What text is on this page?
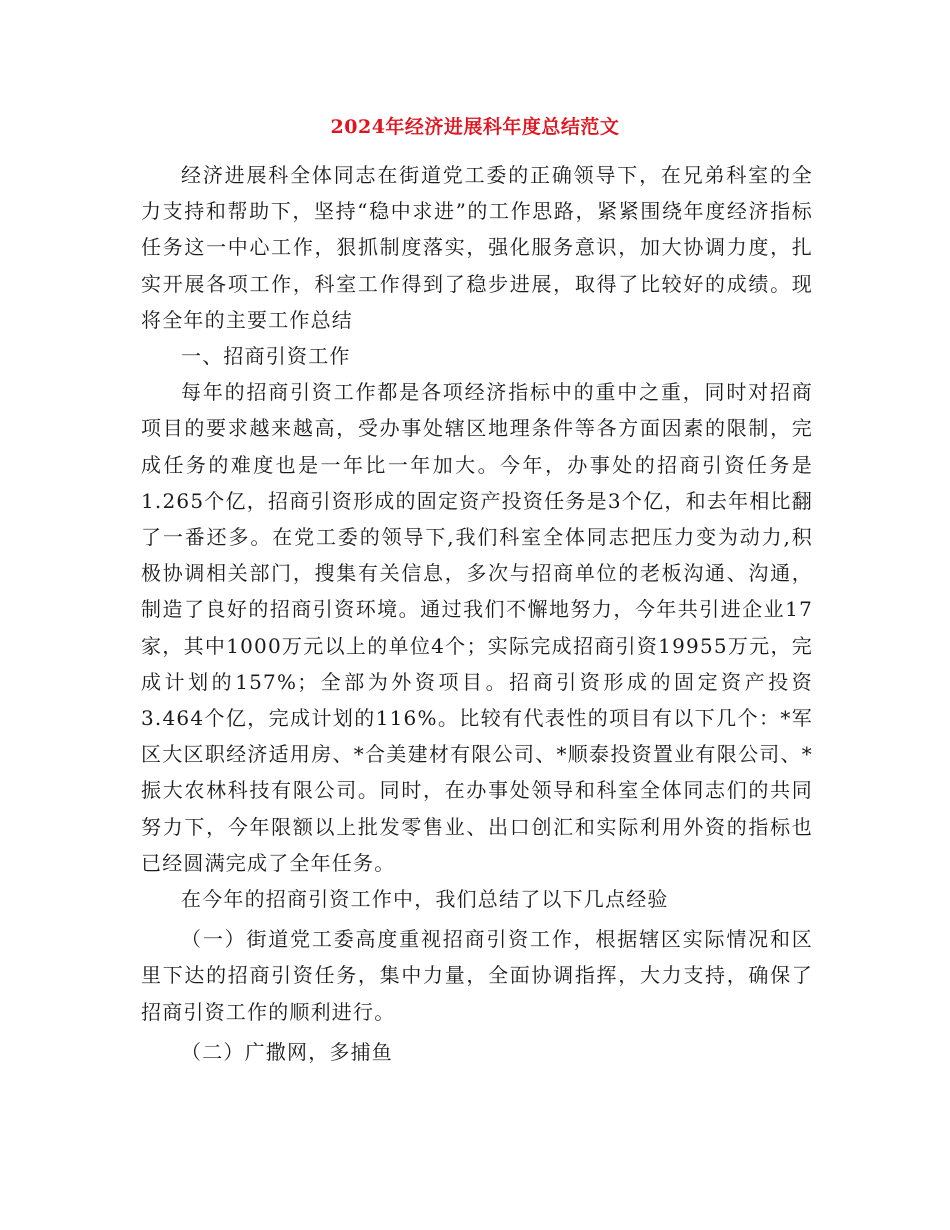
2024年经济进展科年度总结范文

经济进展科全体同志在街道党工委的正确领导下，在兄弟科室的全力支持和帮助下，坚持“稳中求进”的工作思路，紧紧围绕年度经济指标任务这一中心工作，狠抓制度落实，强化服务意识，加大协调力度，扎实开展各项工作，科室工作得到了稳步进展，取得了比较好的成绩。现将全年的主要工作总结

一、招商引资工作

每年的招商引资工作都是各项经济指标中的重中之重，同时对招商项目的要求越来越高，受办事处辖区地理条件等各方面因素的限制，完成任务的难度也是一年比一年加大。今年，办事处的招商引资任务是1.265个亿，招商引资形成的固定资产投资任务是3个亿，和去年相比翻了一番还多。在党工委的领导下,我们科室全体同志把压力变为动力,积极协调相关部门，搜集有关信息，多次与招商单位的老板沟通、沟通，制造了良好的招商引资环境。通过我们不懈地努力，今年共引进企业17家，其中1000万元以上的单位4个；实际完成招商引资19955万元，完成计划的157%；全部为外资项目。招商引资形成的固定资产投资3.464个亿，完成计划的116%。比较有代表性的项目有以下几个：*军区大区职经济适用房、*合美建材有限公司、*顺泰投资置业有限公司、*振大农林科技有限公司。同时，在办事处领导和科室全体同志们的共同努力下，今年限额以上批发零售业、出口创汇和实际利用外资的指标也已经圆满完成了全年任务。

在今年的招商引资工作中，我们总结了以下几点经验

（一）街道党工委高度重视招商引资工作，根据辖区实际情况和区里下达的招商引资任务，集中力量，全面协调指挥，大力支持，确保了招商引资工作的顺利进行。

（二）广撒网，多捕鱼
